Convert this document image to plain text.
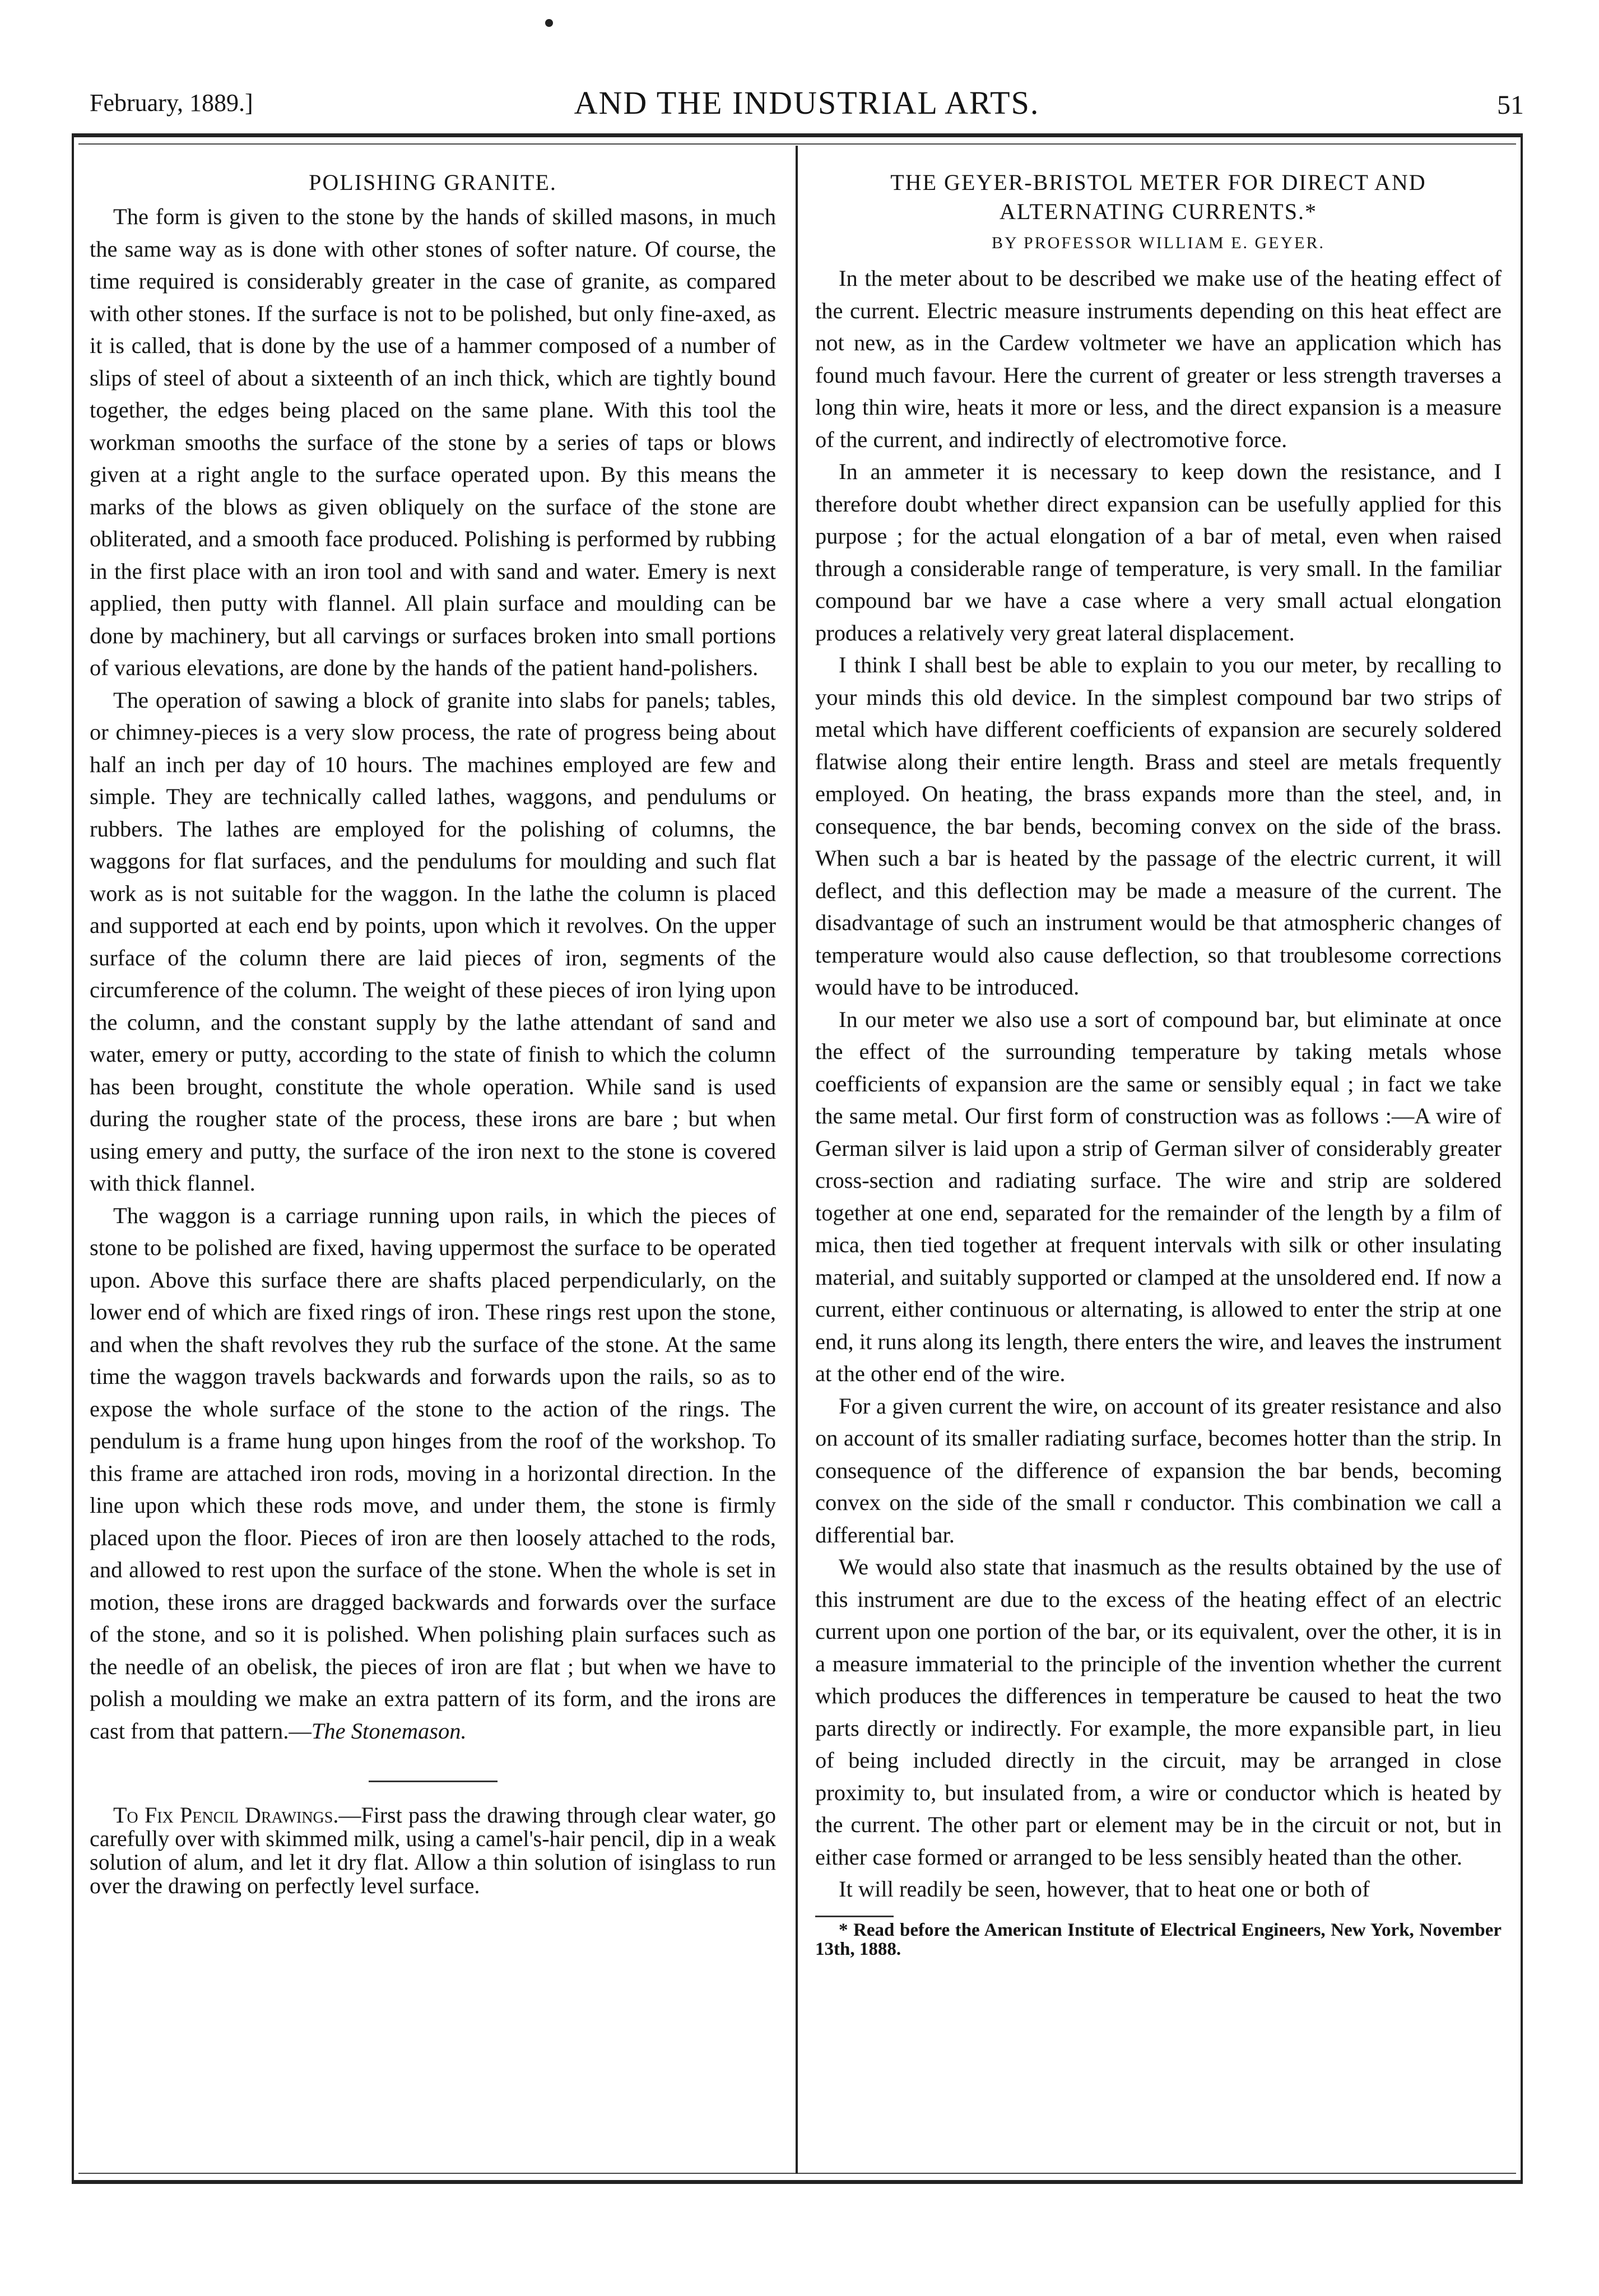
February, 1889.]	AND THE INDUSTRIAL ARTS.	51
POLISHING GRANITE.

The form is given to the stone by the hands of skilled masons, in much the same way as is done with other stones of softer nature. Of course, the time required is considerably greater in the case of granite, as compared with other stones. If the surface is not to be polished, but only fine-axed, as it is called, that is done by the use of a hammer composed of a number of slips of steel of about a sixteenth of an inch thick, which are tightly bound together, the edges being placed on the same plane. With this tool the workman smooths the surface of the stone by a series of taps or blows given at a right angle to the surface operated upon. By this means the marks of the blows as given obliquely on the surface of the stone are obliterated, and a smooth face produced. Polishing is performed by rubbing in the first place with an iron tool and with sand and water. Emery is next applied, then putty with flannel. All plain surface and moulding can be done by machinery, but all carvings or surfaces broken into small portions of various elevations, are done by the hands of the patient hand-polishers.

The operation of sawing a block of granite into slabs for panels; tables, or chimney-pieces is a very slow process, the rate of progress being about half an inch per day of 10 hours. The machines employed are few and simple. They are technically called lathes, waggons, and pendulums or rubbers. The lathes are employed for the polishing of columns, the waggons for flat surfaces, and the pendulums for moulding and such flat work as is not suitable for the waggon. In the lathe the column is placed and supported at each end by points, upon which it revolves. On the upper surface of the column there are laid pieces of iron, segments of the circumference of the column. The weight of these pieces of iron lying upon the column, and the constant supply by the lathe attendant of sand and water, emery or putty, according to the state of finish to which the column has been brought, constitute the whole operation. While sand is used during the rougher state of the process, these irons are bare ; but when using emery and putty, the surface of the iron next to the stone is covered with thick flannel.

The waggon is a carriage running upon rails, in which the pieces of stone to be polished are fixed, having uppermost the surface to be operated upon. Above this surface there are shafts placed perpendicularly, on the lower end of which are fixed rings of iron. These rings rest upon the stone, and when the shaft revolves they rub the surface of the stone. At the same time the waggon travels backwards and forwards upon the rails, so as to expose the whole surface of the stone to the action of the rings. The pendulum is a frame hung upon hinges from the roof of the workshop. To this frame are attached iron rods, moving in a horizontal direction. In the line upon which these rods move, and under them, the stone is firmly placed upon the floor. Pieces of iron are then loosely attached to the rods, and allowed to rest upon the surface of the stone. When the whole is set in motion, these irons are dragged backwards and forwards over the surface of the stone, and so it is polished. When polishing plain surfaces such as the needle of an obelisk, the pieces of iron are flat ; but when we have to polish a moulding we make an extra pattern of its form, and the irons are cast from that pattern.—The Stonemason.

To Fix Pencil Drawings.—First pass the drawing through clear water, go carefully over with skimmed milk, using a camel's-hair pencil, dip in a weak solution of alum, and let it dry flat. Allow a thin solution of isinglass to run over the drawing on perfectly level surface.

THE GEYER-BRISTOL METER FOR DIRECT AND ALTERNATING CURRENTS.*
BY PROFESSOR WILLIAM E. GEYER.

In the meter about to be described we make use of the heating effect of the current. Electric measure instruments depending on this heat effect are not new, as in the Cardew voltmeter we have an application which has found much favour. Here the current of greater or less strength traverses a long thin wire, heats it more or less, and the direct expansion is a measure of the current, and indirectly of electromotive force.

In an ammeter it is necessary to keep down the resistance, and I therefore doubt whether direct expansion can be usefully applied for this purpose ; for the actual elongation of a bar of metal, even when raised through a considerable range of temperature, is very small. In the familiar compound bar we have a case where a very small actual elongation produces a relatively very great lateral displacement.

I think I shall best be able to explain to you our meter, by recalling to your minds this old device. In the simplest compound bar two strips of metal which have different coefficients of expansion are securely soldered flatwise along their entire length. Brass and steel are metals frequently employed. On heating, the brass expands more than the steel, and, in consequence, the bar bends, becoming convex on the side of the brass. When such a bar is heated by the passage of the electric current, it will deflect, and this deflection may be made a measure of the current. The disadvantage of such an instrument would be that atmospheric changes of temperature would also cause deflection, so that troublesome corrections would have to be introduced.

In our meter we also use a sort of compound bar, but eliminate at once the effect of the surrounding temperature by taking metals whose coefficients of expansion are the same or sensibly equal ; in fact we take the same metal. Our first form of construction was as follows :—A wire of German silver is laid upon a strip of German silver of considerably greater cross-section and radiating surface. The wire and strip are soldered together at one end, separated for the remainder of the length by a film of mica, then tied together at frequent intervals with silk or other insulating material, and suitably supported or clamped at the unsoldered end. If now a current, either continuous or alternating, is allowed to enter the strip at one end, it runs along its length, there enters the wire, and leaves the instrument at the other end of the wire.

For a given current the wire, on account of its greater resistance and also on account of its smaller radiating surface, becomes hotter than the strip. In consequence of the difference of expansion the bar bends, becoming convex on the side of the small r conductor. This combination we call a differential bar.

We would also state that inasmuch as the results obtained by the use of this instrument are due to the excess of the heating effect of an electric current upon one portion of the bar, or its equivalent, over the other, it is in a measure immaterial to the principle of the invention whether the current which produces the differences in temperature be caused to heat the two parts directly or indirectly. For example, the more expansible part, in lieu of being included directly in the circuit, may be arranged in close proximity to, but insulated from, a wire or conductor which is heated by the current. The other part or element may be in the circuit or not, but in either case formed or arranged to be less sensibly heated than the other.

It will readily be seen, however, that to heat one or both of

* Read before the American Institute of Electrical Engineers, New York, November 13th, 1888.
